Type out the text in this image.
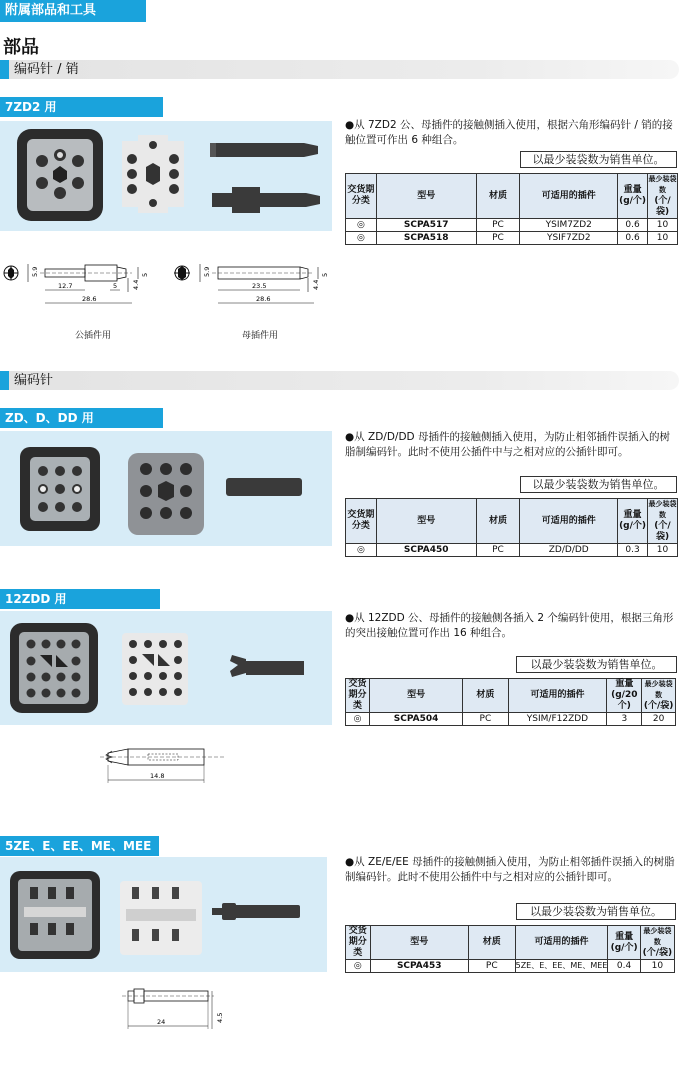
附属部品和工具
部品
编码针 / 销
7ZD2 用
●从 7ZD2 公、母插件的接触侧插入使用，根据六角形编码针 / 销的接触位置可作出 6 种组合。
以最少装袋数为销售单位。
交货期分类	型号	材质	可适用的插件	重量
(g/个)	最少装袋数
(个/袋)
◎	SCPA517	PC	YSIM7ZD2	0.6	10
◎	SCPA518	PC	YSIF7ZD2	0.6	10
5.9	5
4.4
12.7	5
28.6
公插件用
5.9	5
4.4
23.5
28.6
母插件用
编码针
ZD、D、DD 用
●从 ZD/D/DD 母插件的接触侧插入使用，为防止相邻插件误插入的树脂制编码针。此时不使用公插件中与之相对应的公插针即可。
以最少装袋数为销售单位。
交货期分类	型号	材质	可适用的插件	重量
(g/个)	最少装袋数
(个/袋)
◎	SCPA450	PC	ZD/D/DD	0.3	10
12ZDD 用
●从 12ZDD 公、母插件的接触侧各插入 2 个编码针使用，根据三角形的突出接触位置可作出 16 种组合。
以最少装袋数为销售单位。
交货期分类	型号	材质	可适用的插件	重量
(g/20个)	最少装袋数
(个/袋)
◎	SCPA504	PC	YSIM/F12ZDD	3	20
14.8
5ZE、E、EE、ME、MEE
●从 ZE/E/EE 母插件的接触侧插入使用，为防止相邻插件误插入的树脂制编码针。此时不使用公插件中与之相对应的公插针即可。
以最少装袋数为销售单位。
交货期分类	型号	材质	可适用的插件	重量
(g/个)	最少装袋数
(个/袋)
◎	SCPA453	PC	5ZE、E、EE、ME、MEE	0.4	10
4.5
24
